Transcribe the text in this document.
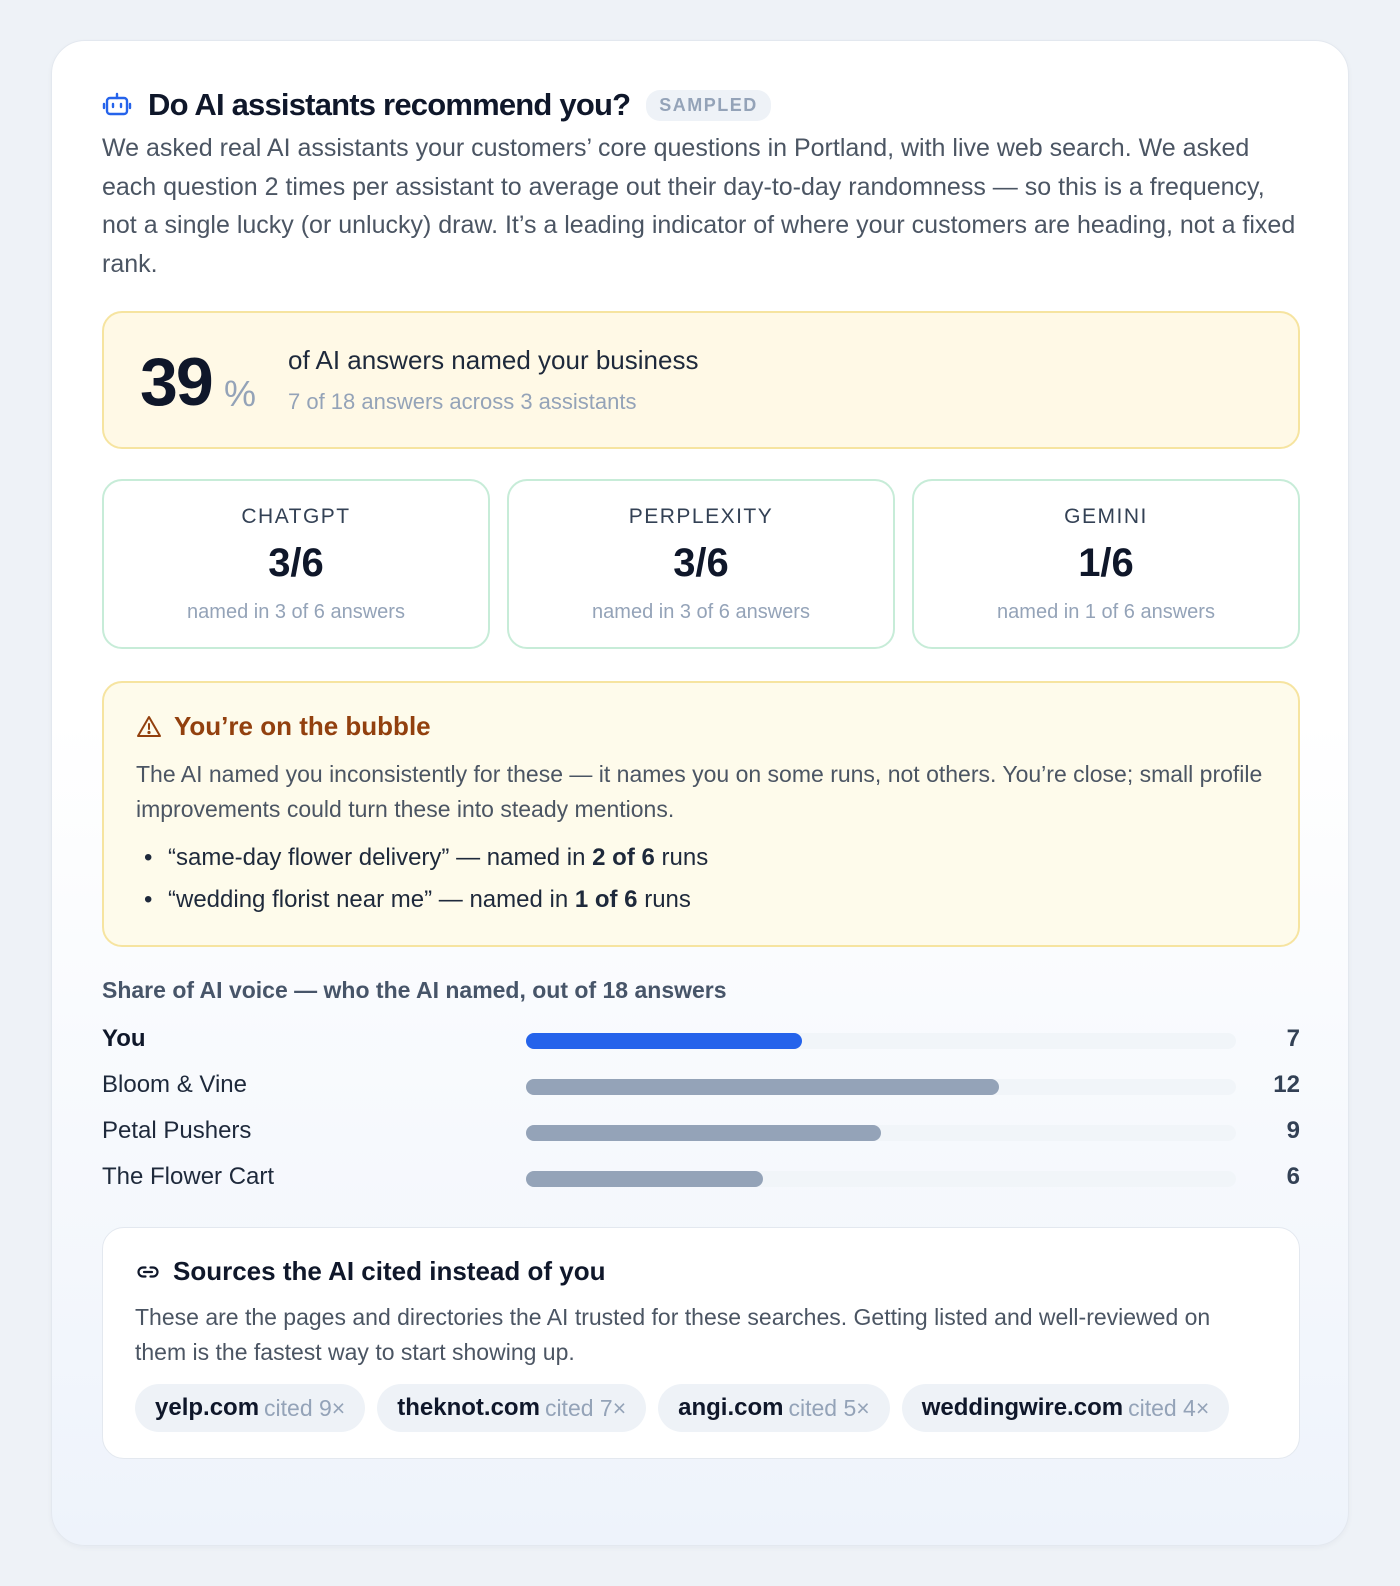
Do AI assistants recommend you?	SAMPLED

We asked real AI assistants your customers’ core questions in Portland, with live web search. We asked each question 2 times per assistant to average out their day-to-day randomness — so this is a frequency, not a single lucky (or unlucky) draw. It’s a leading indicator of where your customers are heading, not a fixed rank.

39 %
of AI answers named your business
7 of 18 answers across 3 assistants
CHATGPT
3/6
named in 3 of 6 answers
PERPLEXITY
3/6
named in 3 of 6 answers
GEMINI
1/6
named in 1 of 6 answers
You’re on the bubble

The AI named you inconsistently for these — it names you on some runs, not others. You’re close; small profile improvements could turn these into steady mentions.

• “same-day flower delivery” — named in 2 of 6 runs
• “wedding florist near me” — named in 1 of 6 runs
Share of AI voice — who the AI named, out of 18 answers
You	7
Bloom & Vine	12
Petal Pushers	9
The Flower Cart	6
Sources the AI cited instead of you

These are the pages and directories the AI trusted for these searches. Getting listed and well-reviewed on them is the fastest way to start showing up.

yelp.com cited 9× theknot.com cited 7× angi.com cited 5× weddingwire.com cited 4×
